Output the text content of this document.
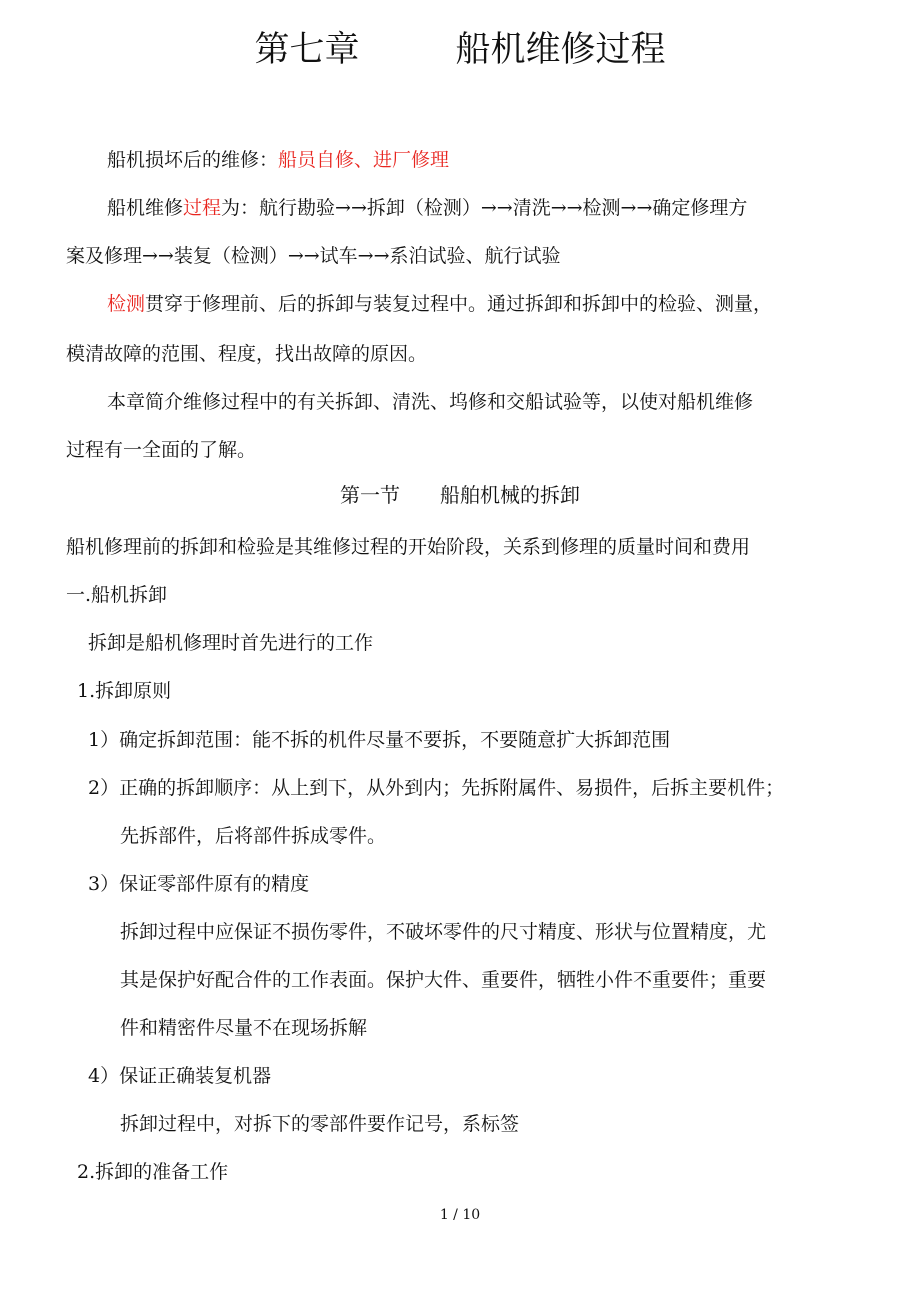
第七章	船机维修过程
船机损坏后的维修：船员自修、进厂修理
船机维修过程为：航行勘验→→拆卸（检测）→→清洗→→检测→→确定修理方
案及修理→→装复（检测）→→试车→→系泊试验、航行试验
检测贯穿于修理前、后的拆卸与装复过程中。通过拆卸和拆卸中的检验、测量，
模清故障的范围、程度，找出故障的原因。
本章简介维修过程中的有关拆卸、清洗、坞修和交船试验等，以使对船机维修
过程有一全面的了解。
第一节 船舶机械的拆卸
船机修理前的拆卸和检验是其维修过程的开始阶段，关系到修理的质量时间和费用
一.船机拆卸
拆卸是船机修理时首先进行的工作
1.拆卸原则
1）确定拆卸范围：能不拆的机件尽量不要拆，不要随意扩大拆卸范围
2）正确的拆卸顺序：从上到下，从外到内；先拆附属件、易损件，后拆主要机件；
先拆部件，后将部件拆成零件。
3）保证零部件原有的精度
拆卸过程中应保证不损伤零件，不破坏零件的尺寸精度、形状与位置精度，尤
其是保护好配合件的工作表面。保护大件、重要件，牺牲小件不重要件；重要
件和精密件尽量不在现场拆解
4）保证正确装复机器
拆卸过程中，对拆下的零部件要作记号，系标签
2.拆卸的准备工作
1 / 10
